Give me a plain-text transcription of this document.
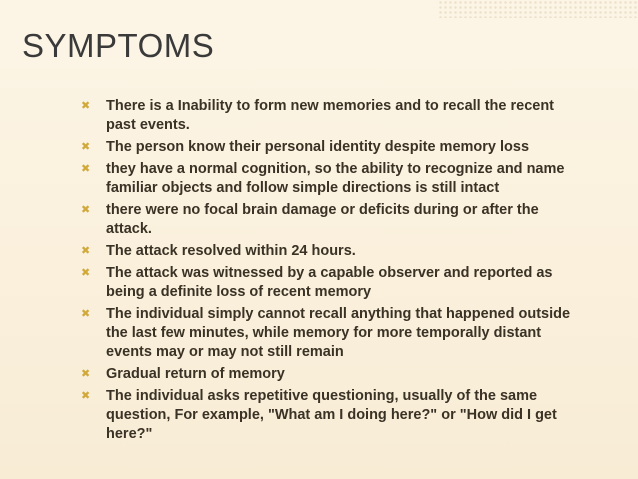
SYMPTOMS
✖	There is a Inability to form new memories and to recall the recent past events.
✖	The person know their personal identity despite memory loss
✖	they have a normal cognition, so the ability to recognize and name familiar objects and follow simple directions is still intact
✖	there were no focal brain damage or deficits during or after the attack.
✖	The attack resolved within 24 hours.
✖	The attack was witnessed by a capable observer and reported as being a definite loss of recent memory
✖	The individual simply cannot recall anything that happened outside the last few minutes, while memory for more temporally distant events may or may not still remain
✖	Gradual return of memory
✖	The individual asks repetitive questioning, usually of the same question, For example, "What am I doing here?" or "How did I get here?"
